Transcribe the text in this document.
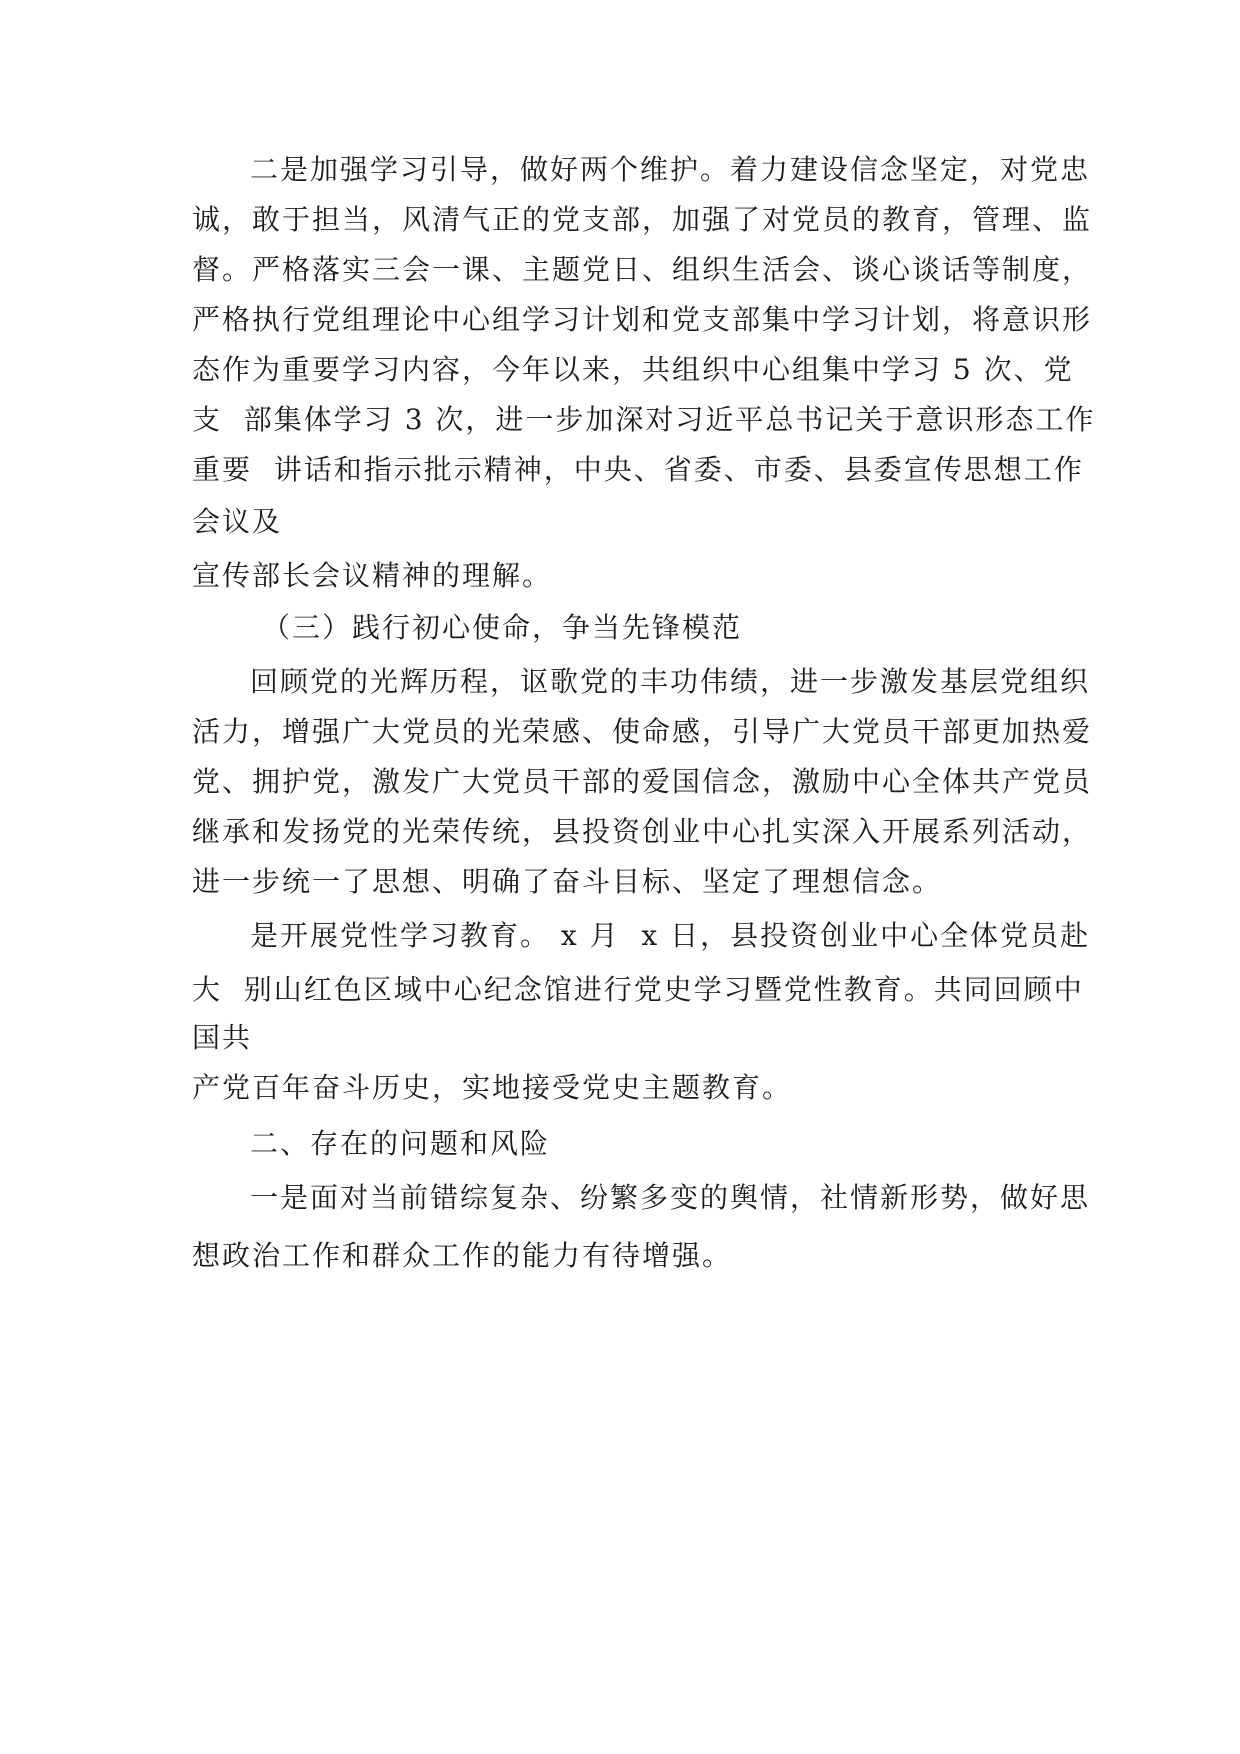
二是加强学习引导，做好两个维护。着力建设信念坚定，对党忠
诚，敢于担当，风清气正的党支部，加强了对党员的教育，管理、监
督。严格落实三会一课、主题党日、组织生活会、谈心谈话等制度，
严格执行党组理论中心组学习计划和党支部集中学习计划，将意识形
态作为重要学习内容，今年以来，共组织中心组集中学习 5 次、党
支  部集体学习 3 次，进一步加深对习近平总书记关于意识形态工作
重要  讲话和指示批示精神，中央、省委、市委、县委宣传思想工作
会议及
宣传部长会议精神的理解。
（三）践行初心使命，争当先锋模范
回顾党的光辉历程，讴歌党的丰功伟绩，进一步激发基层党组织
活力，增强广大党员的光荣感、使命感，引导广大党员干部更加热爱
党、拥护党，激发广大党员干部的爱国信念，激励中心全体共产党员
继承和发扬党的光荣传统，县投资创业中心扎实深入开展系列活动，
进一步统一了思想、明确了奋斗目标、坚定了理想信念。
是开展党性学习教育。 x 月  x 日，县投资创业中心全体党员赴
大  别山红色区域中心纪念馆进行党史学习暨党性教育。共同回顾中
国共
产党百年奋斗历史，实地接受党史主题教育。
二、存在的问题和风险
一是面对当前错综复杂、纷繁多变的舆情，社情新形势，做好思
想政治工作和群众工作的能力有待增强。
